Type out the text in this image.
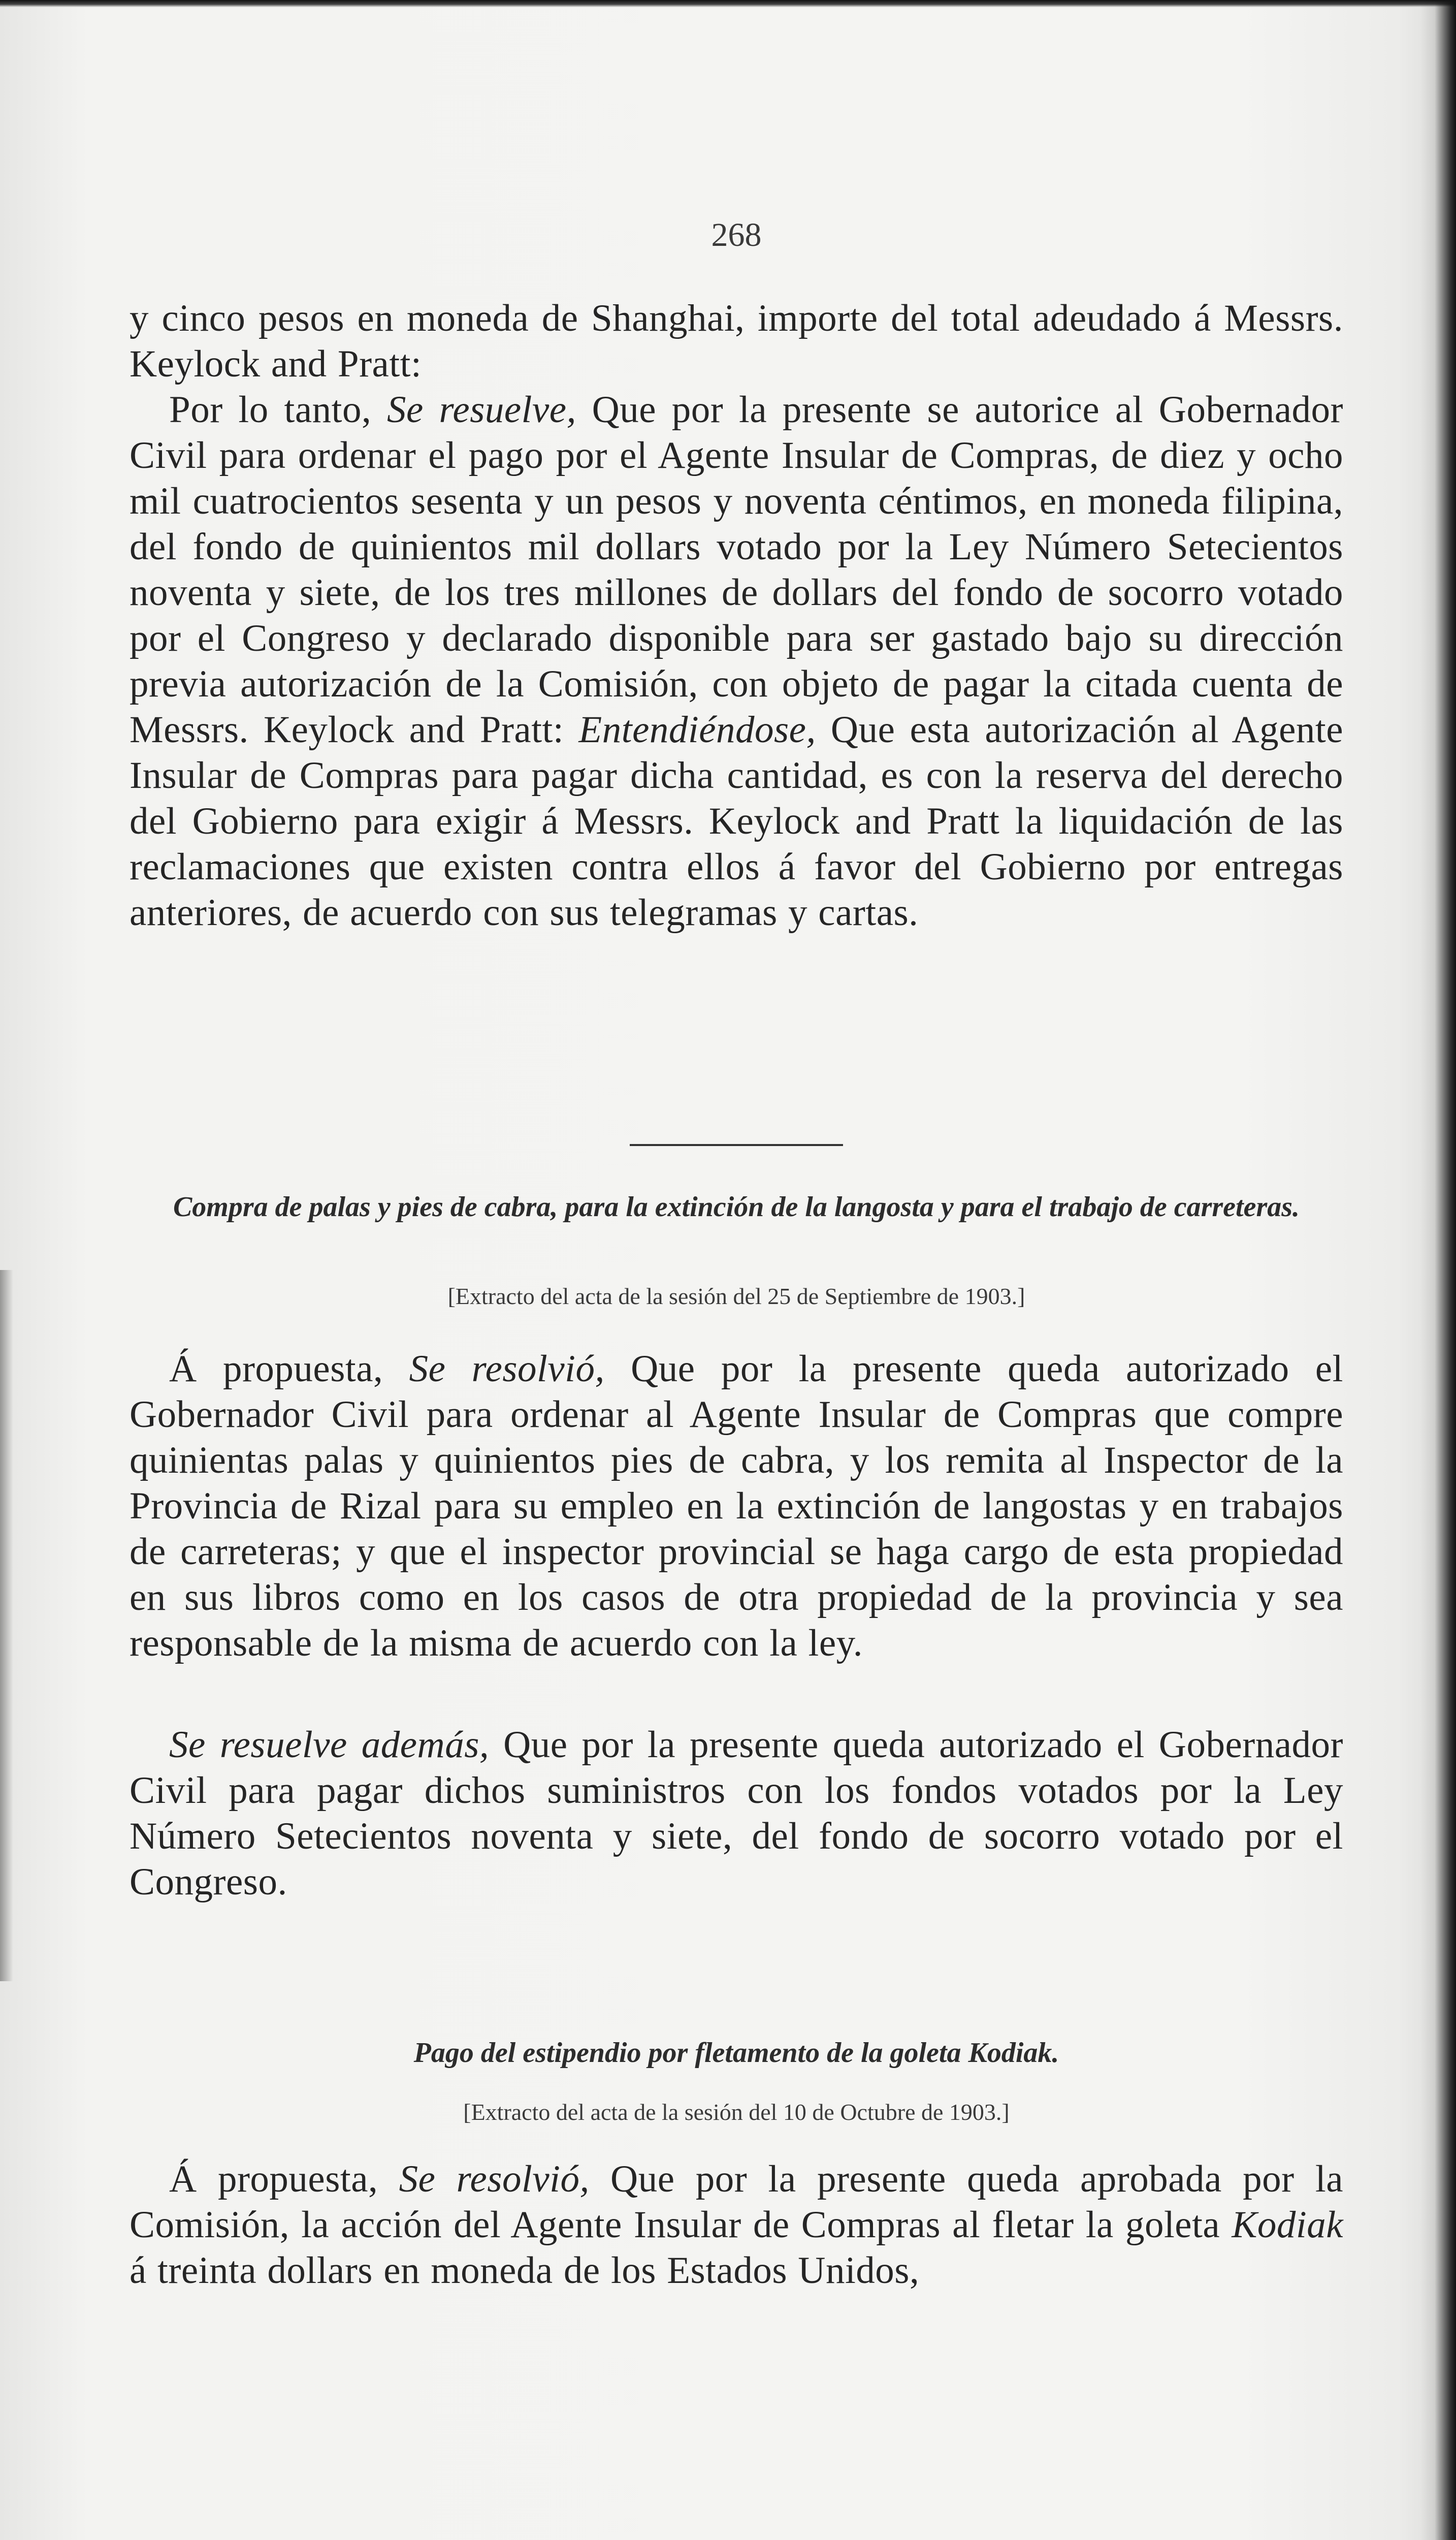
268

y cinco pesos en moneda de Shanghai, importe del total adeudado á Messrs. Keylock and Pratt:

Por lo tanto, Se resuelve, Que por la presente se autorice al Gobernador Civil para ordenar el pago por el Agente Insular de Compras, de diez y ocho mil cuatrocientos sesenta y un pesos y noventa céntimos, en moneda filipina, del fondo de quinientos mil dollars votado por la Ley Número Setecientos noventa y siete, de los tres millones de dollars del fondo de socorro votado por el Congreso y declarado disponible para ser gastado bajo su dirección previa autorización de la Comisión, con objeto de pagar la citada cuenta de Messrs. Keylock and Pratt: Entendiéndose, Que esta autorización al Agente Insular de Compras para pagar dicha cantidad, es con la reserva del derecho del Gobierno para exigir á Messrs. Keylock and Pratt la liquidación de las reclamaciones que existen contra ellos á favor del Gobierno por entregas anteriores, de acuerdo con sus telegramas y cartas.

Compra de palas y pies de cabra, para la extinción de la langosta y para el trabajo de carreteras.

[Extracto del acta de la sesión del 25 de Septiembre de 1903.]

Á propuesta, Se resolvió, Que por la presente queda autorizado el Gobernador Civil para ordenar al Agente Insular de Compras que compre quinientas palas y quinientos pies de cabra, y los remita al Inspector de la Provincia de Rizal para su empleo en la extinción de langostas y en trabajos de carreteras; y que el inspector provincial se haga cargo de esta propiedad en sus libros como en los casos de otra propiedad de la provincia y sea responsable de la misma de acuerdo con la ley.

Se resuelve además, Que por la presente queda autorizado el Gobernador Civil para pagar dichos suministros con los fondos votados por la Ley Número Setecientos noventa y siete, del fondo de socorro votado por el Congreso.

Pago del estipendio por fletamento de la goleta Kodiak.

[Extracto del acta de la sesión del 10 de Octubre de 1903.]

Á propuesta, Se resolvió, Que por la presente queda aprobada por la Comisión, la acción del Agente Insular de Compras al fletar la goleta Kodiak á treinta dollars en moneda de los Estados Unidos,
